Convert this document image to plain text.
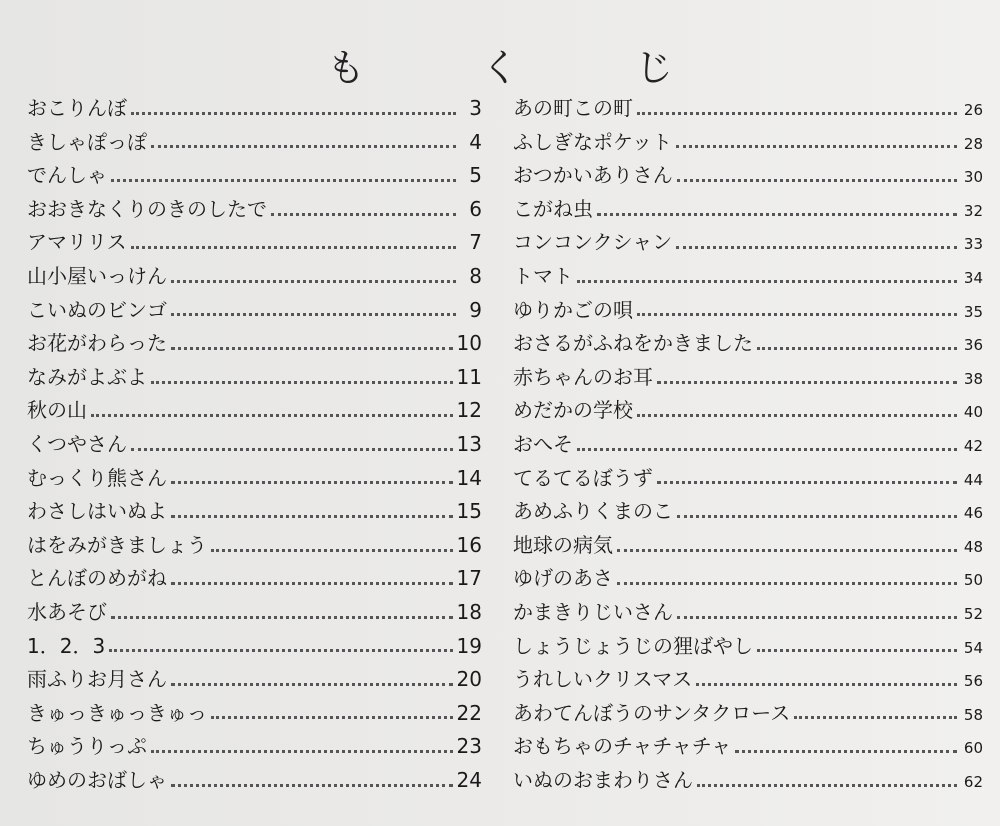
も く じ
おこりんぼ	3
きしゃぽっぽ	4
でんしゃ	5
おおきなくりのきのしたで	6
アマリリス	7
山小屋いっけん	8
こいぬのビンゴ	9
お花がわらった	10
なみがよぶよ	11
秋の山	12
くつやさん	13
むっくり熊さん	14
わさしはいぬよ	15
はをみがきましょう	16
とんぼのめがね	17
水あそび	18
1．2．3	19
雨ふりお月さん	20
きゅっきゅっきゅっ	22
ちゅうりっぷ	23
ゆめのおばしゃ	24
あの町この町	26
ふしぎなポケット	28
おつかいありさん	30
こがね虫	32
コンコンクシャン	33
トマト	34
ゆりかごの唄	35
おさるがふねをかきました	36
赤ちゃんのお耳	38
めだかの学校	40
おへそ	42
てるてるぼうず	44
あめふりくまのこ	46
地球の病気	48
ゆげのあさ	50
かまきりじいさん	52
しょうじょうじの狸ばやし	54
うれしいクリスマス	56
あわてんぼうのサンタクロース	58
おもちゃのチャチャチャ	60
いぬのおまわりさん	62
